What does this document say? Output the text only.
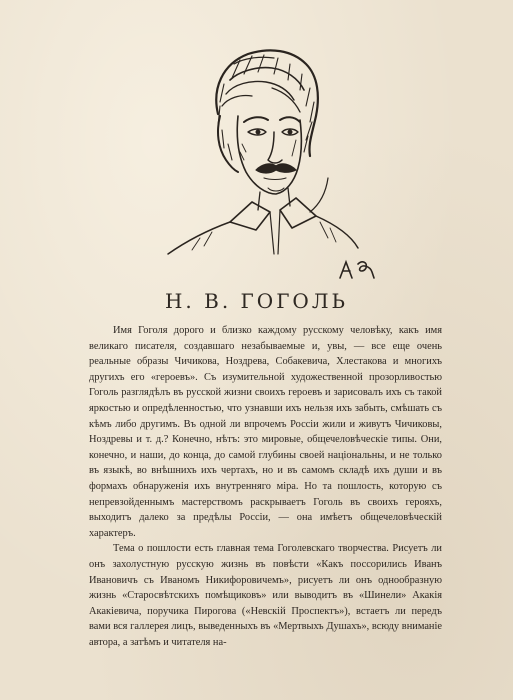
Н. В. ГОГОЛЬ

Имя Гоголя дорого и близко каждому русскому человѣку, какъ имя великаго писателя, создавшаго незабываемые и, увы, — все еще очень реальные образы Чичикова, Ноздрева, Собакевича, Хлестакова и многихъ другихъ его «героевъ». Съ изумительной художественной прозорливостью Гоголь разглядѣлъ въ русской жизни своихъ героевъ и зарисовалъ ихъ съ такой яркостью и опредѣленностью, что узнавши ихъ нельзя ихъ забыть, смѣшать съ кѣмъ либо другимъ. Въ одной ли впрочемъ Россіи жили и живутъ Чичиковы, Ноздревы и т. д.? Конечно, нѣтъ: это мировые, общечеловѣческіе типы. Они, конечно, и наши, до конца, до самой глубины своей національны, и не только въ языкѣ, во внѣшнихъ ихъ чертахъ, но и въ самомъ складѣ ихъ души и въ формахъ обнаруженія ихъ внутренняго міра. Но та пошлость, которую съ непревзойденнымъ мастерствомъ раскрываетъ Гоголь въ своихъ герояхъ, выходитъ далеко за предѣлы Россіи, — она имѣетъ общечеловѣческій характеръ.

Тема о пошлости есть главная тема Гоголевскаго творчества. Рисуетъ ли онъ захолустную русскую жизнь въ повѣсти «Какъ поссорились Иванъ Ивановичъ съ Иваномъ Никифоровичемъ», рисуетъ ли онъ однообразную жизнь «Старосвѣтскихъ помѣщиковъ» или выводитъ въ «Шинели» Акакія Акакіевича, поручика Пирогова («Невскій Проспектъ»), встаетъ ли передъ вами вся галлерея лицъ, выведенныхъ въ «Мертвыхъ Душахъ», всюду вниманіе автора, а затѣмъ и читателя на-
